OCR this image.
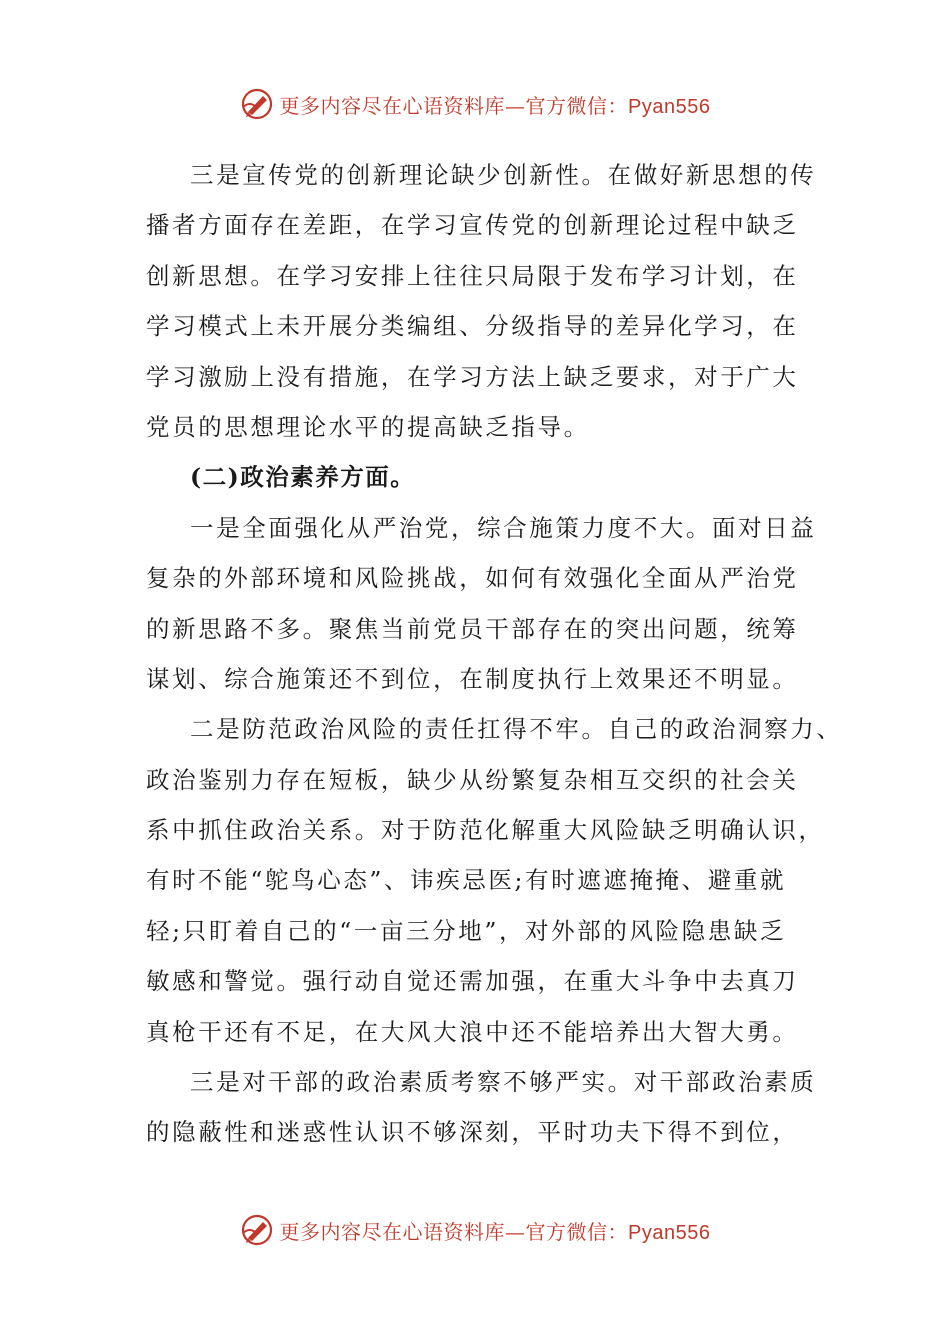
更多内容尽在心语资料库—官方微信：Pyan556
三是宣传党的创新理论缺少创新性。在做好新思想的传
播者方面存在差距，在学习宣传党的创新理论过程中缺乏
创新思想。在学习安排上往往只局限于发布学习计划，在
学习模式上未开展分类编组、分级指导的差异化学习，在
学习激励上没有措施，在学习方法上缺乏要求，对于广大
党员的思想理论水平的提高缺乏指导。
(二)政治素养方面。
一是全面强化从严治党，综合施策力度不大。面对日益
复杂的外部环境和风险挑战，如何有效强化全面从严治党
的新思路不多。聚焦当前党员干部存在的突出问题，统筹
谋划、综合施策还不到位，在制度执行上效果还不明显。
二是防范政治风险的责任扛得不牢。自己的政治洞察力、
政治鉴别力存在短板，缺少从纷繁复杂相互交织的社会关
系中抓住政治关系。对于防范化解重大风险缺乏明确认识，
有时不能“鸵鸟心态”、讳疾忌医;有时遮遮掩掩、避重就
轻;只盯着自己的“一亩三分地”，对外部的风险隐患缺乏
敏感和警觉。强行动自觉还需加强，在重大斗争中去真刀
真枪干还有不足，在大风大浪中还不能培养出大智大勇。
三是对干部的政治素质考察不够严实。对干部政治素质
的隐蔽性和迷惑性认识不够深刻，平时功夫下得不到位，
更多内容尽在心语资料库—官方微信：Pyan556
